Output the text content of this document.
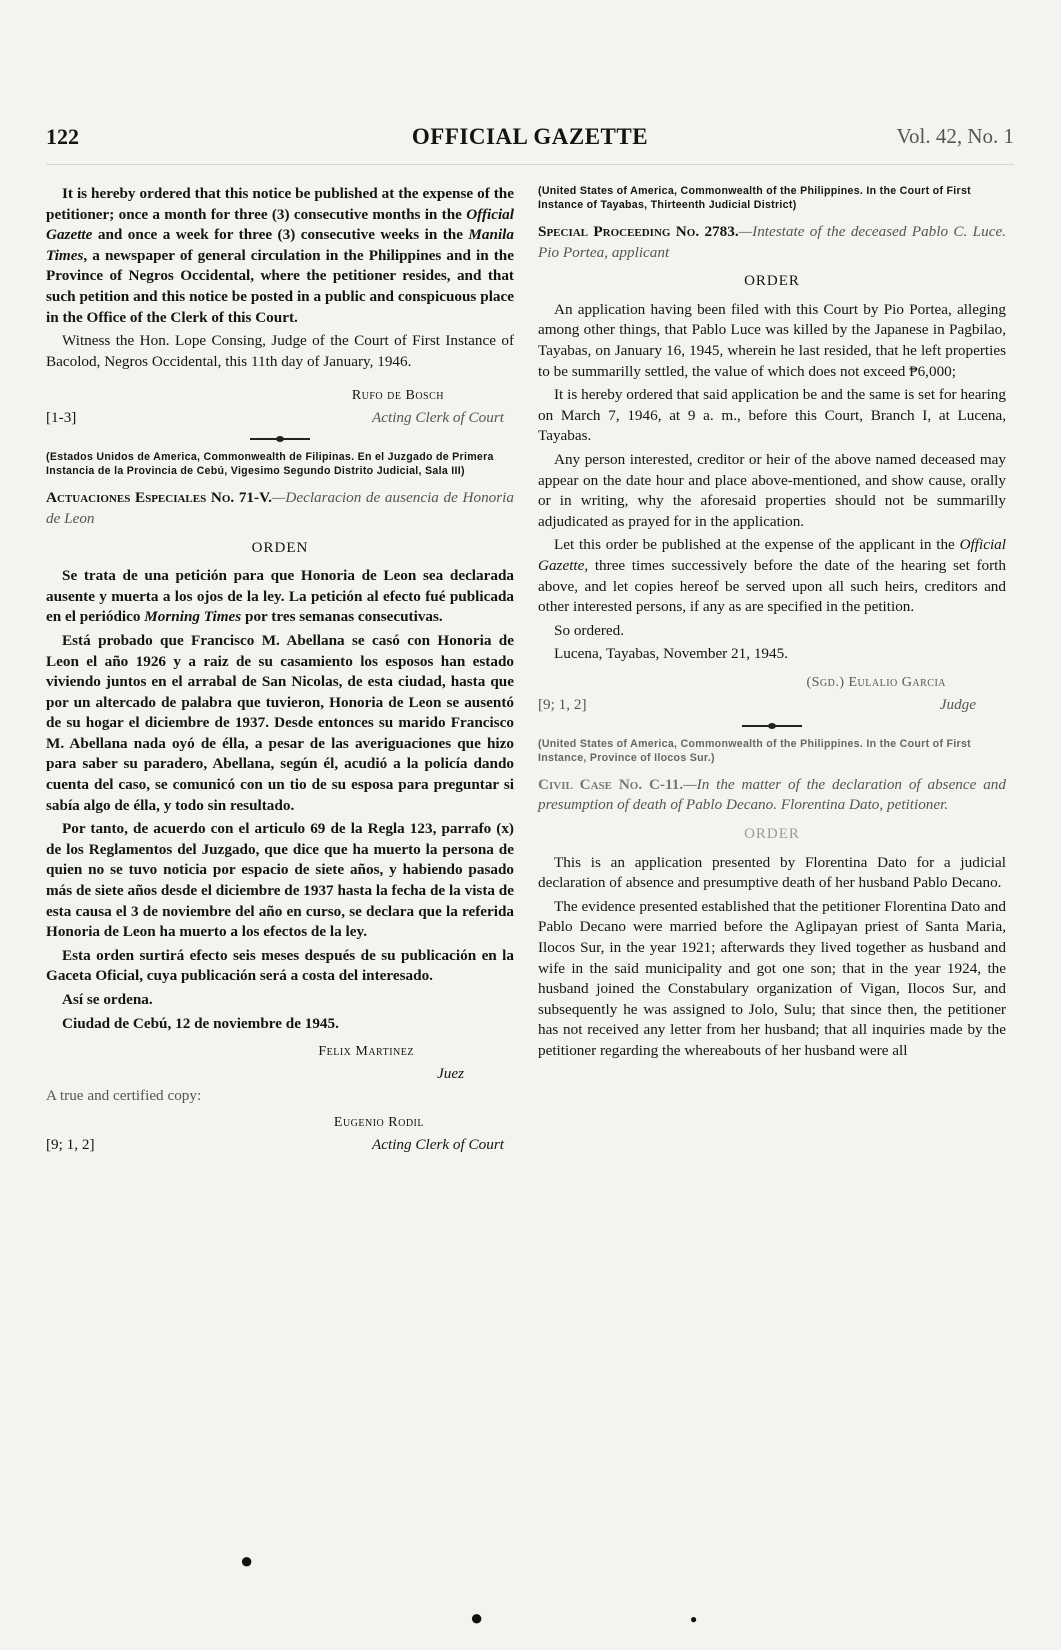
122	OFFICIAL GAZETTE	Vol. 42, No. 1

It is hereby ordered that this notice be published at the expense of the petitioner; once a month for three (3) consecutive months in the Official Gazette and once a week for three (3) consecutive weeks in the Manila Times, a newspaper of general circulation in the Philippines and in the Province of Negros Occidental, where the petitioner resides, and that such petition and this notice be posted in a public and conspicuous place in the Office of the Clerk of this Court.

Witness the Hon. Lope Consing, Judge of the Court of First Instance of Bacolod, Negros Occidental, this 11th day of January, 1946.

Rufo de Bosch
[1-3]	Acting Clerk of Court

(Estados Unidos de America, Commonwealth de Filipinas. En el Juzgado de Primera Instancia de la Provincia de Cebú, Vigesimo Segundo Distrito Judicial, Sala III)

Actuaciones Especiales No. 71-V.—Declaracion de ausencia de Honoria de Leon

ORDEN

Se trata de una petición para que Honoria de Leon sea declarada ausente y muerta a los ojos de la ley. La petición al efecto fué publicada en el periódico Morning Times por tres semanas consecutivas.

Está probado que Francisco M. Abellana se casó con Honoria de Leon el año 1926 y a raiz de su casamiento los esposos han estado viviendo juntos en el arrabal de San Nicolas, de esta ciudad, hasta que por un altercado de palabra que tuvieron, Honoria de Leon se ausentó de su hogar el diciembre de 1937. Desde entonces su marido Francisco M. Abellana nada oyó de élla, a pesar de las averiguaciones que hizo para saber su paradero, Abellana, según él, acudió a la policía dando cuenta del caso, se comunicó con un tio de su esposa para preguntar si sabía algo de élla, y todo sin resultado.

Por tanto, de acuerdo con el articulo 69 de la Regla 123, parrafo (x) de los Reglamentos del Juzgado, que dice que ha muerto la persona de quien no se tuvo noticia por espacio de siete años, y habiendo pasado más de siete años desde el diciembre de 1937 hasta la fecha de la vista de esta causa el 3 de noviembre del año en curso, se declara que la referida Honoria de Leon ha muerto a los efectos de la ley.

Esta orden surtirá efecto seis meses después de su publicación en la Gaceta Oficial, cuya publicación será a costa del interesado.

Así se ordena.

Ciudad de Cebú, 12 de noviembre de 1945.

Felix Martinez
Juez

A true and certified copy:

Eugenio Rodil
[9; 1, 2]	Acting Clerk of Court

(United States of America, Commonwealth of the Philippines. In the Court of First Instance of Tayabas, Thirteenth Judicial District)

Special Proceeding No. 2783.—Intestate of the deceased Pablo C. Luce. Pio Portea, applicant

ORDER

An application having been filed with this Court by Pio Portea, alleging among other things, that Pablo Luce was killed by the Japanese in Pagbilao, Tayabas, on January 16, 1945, wherein he last resided, that he left properties to be summarilly settled, the value of which does not exceed ₱6,000;

It is hereby ordered that said application be and the same is set for hearing on March 7, 1946, at 9 a. m., before this Court, Branch I, at Lucena, Tayabas.

Any person interested, creditor or heir of the above named deceased may appear on the date hour and place above-mentioned, and show cause, orally or in writing, why the aforesaid properties should not be summarilly adjudicated as prayed for in the application.

Let this order be published at the expense of the applicant in the Official Gazette, three times successively before the date of the hearing set forth above, and let copies hereof be served upon all such heirs, creditors and other interested persons, if any as are specified in the petition.

So ordered.

Lucena, Tayabas, November 21, 1945.

(Sgd.) Eulalio Garcia
[9; 1, 2]	Judge

(United States of America, Commonwealth of the Philippines. In the Court of First Instance, Province of Ilocos Sur.)

Civil Case No. C-11.—In the matter of the declaration of absence and presumption of death of Pablo Decano. Florentina Dato, petitioner.

ORDER

This is an application presented by Florentina Dato for a judicial declaration of absence and presumptive death of her husband Pablo Decano.

The evidence presented established that the petitioner Florentina Dato and Pablo Decano were married before the Aglipayan priest of Santa Maria, Ilocos Sur, in the year 1921; afterwards they lived together as husband and wife in the said municipality and got one son; that in the year 1924, the husband joined the Constabulary organization of Vigan, Ilocos Sur, and subsequently he was assigned to Jolo, Sulu; that since then, the petitioner has not received any letter from her husband; that all inquiries made by the petitioner regarding the whereabouts of her husband were all

●
●	●
